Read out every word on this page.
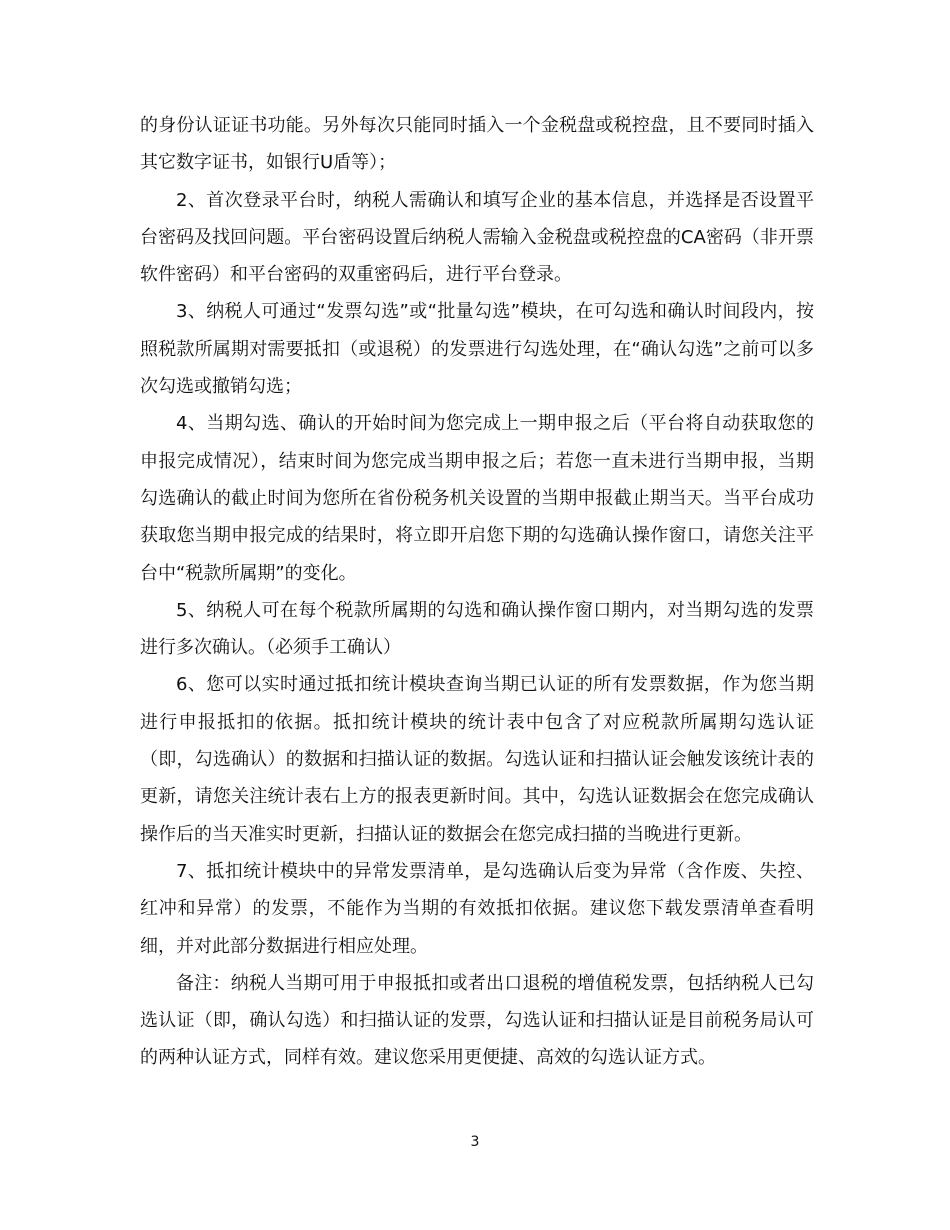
的身份认证证书功能。另外每次只能同时插入一个金税盘或税控盘，且不要同时插入其它数字证书，如银行U盾等）；

2、首次登录平台时，纳税人需确认和填写企业的基本信息，并选择是否设置平台密码及找回问题。平台密码设置后纳税人需输入金税盘或税控盘的CA密码（非开票软件密码）和平台密码的双重密码后，进行平台登录。

3、纳税人可通过“发票勾选”或“批量勾选”模块，在可勾选和确认时间段内，按照税款所属期对需要抵扣（或退税）的发票进行勾选处理，在“确认勾选”之前可以多次勾选或撤销勾选；

4、当期勾选、确认的开始时间为您完成上一期申报之后（平台将自动获取您的申报完成情况），结束时间为您完成当期申报之后；若您一直未进行当期申报，当期勾选确认的截止时间为您所在省份税务机关设置的当期申报截止期当天。当平台成功获取您当期申报完成的结果时，将立即开启您下期的勾选确认操作窗口，请您关注平台中“税款所属期”的变化。

5、纳税人可在每个税款所属期的勾选和确认操作窗口期内，对当期勾选的发票进行多次确认。（必须手工确认）

6、您可以实时通过抵扣统计模块查询当期已认证的所有发票数据，作为您当期进行申报抵扣的依据。抵扣统计模块的统计表中包含了对应税款所属期勾选认证（即，勾选确认）的数据和扫描认证的数据。勾选认证和扫描认证会触发该统计表的更新，请您关注统计表右上方的报表更新时间。其中，勾选认证数据会在您完成确认操作后的当天准实时更新，扫描认证的数据会在您完成扫描的当晚进行更新。

7、抵扣统计模块中的异常发票清单，是勾选确认后变为异常（含作废、失控、红冲和异常）的发票，不能作为当期的有效抵扣依据。建议您下载发票清单查看明细，并对此部分数据进行相应处理。

备注：纳税人当期可用于申报抵扣或者出口退税的增值税发票，包括纳税人已勾选认证（即，确认勾选）和扫描认证的发票，勾选认证和扫描认证是目前税务局认可的两种认证方式，同样有效。建议您采用更便捷、高效的勾选认证方式。

3
